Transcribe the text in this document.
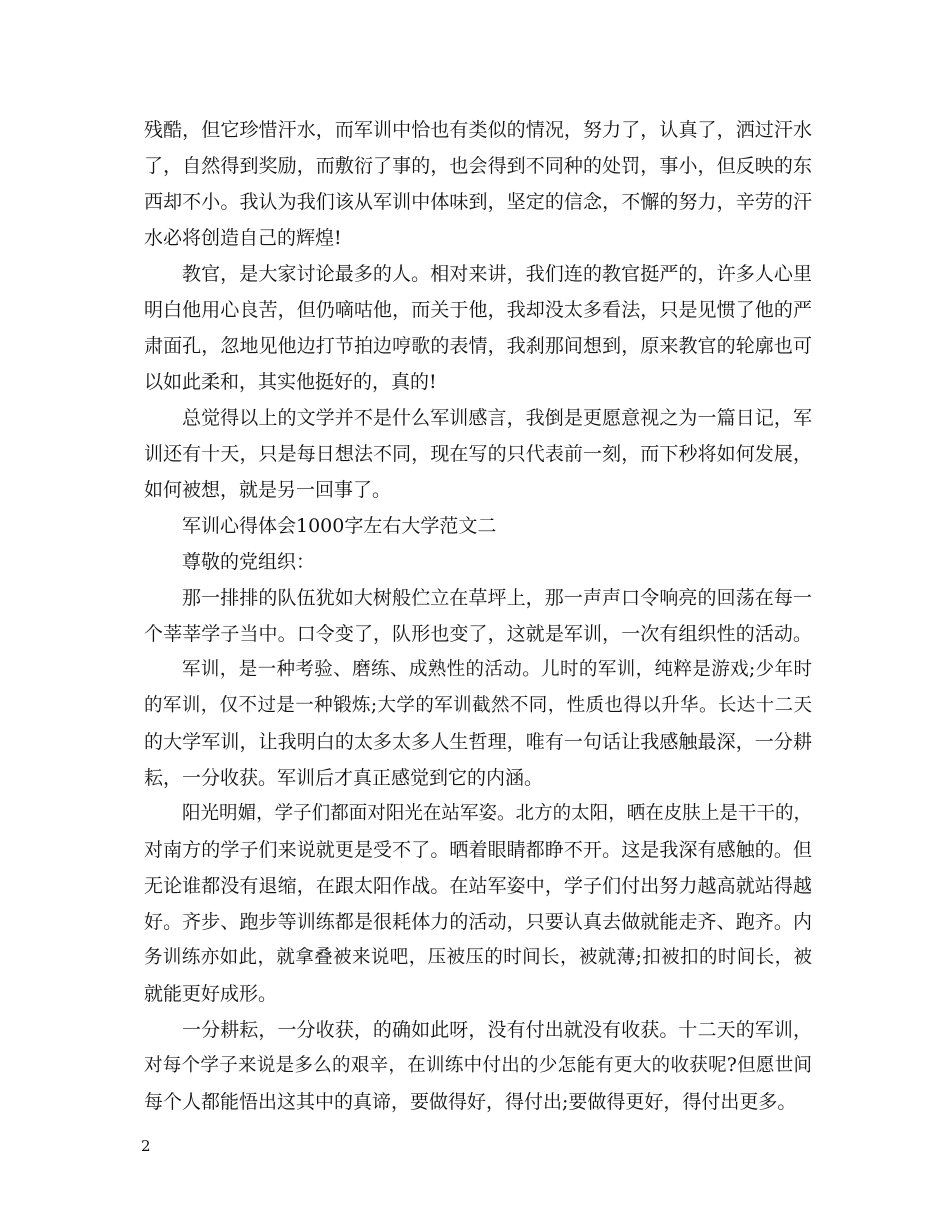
残酷，但它珍惜汗水，而军训中恰也有类似的情况，努力了，认真了，洒过汗水
了，自然得到奖励，而敷衍了事的，也会得到不同种的处罚，事小，但反映的东
西却不小。我认为我们该从军训中体味到，坚定的信念，不懈的努力，辛劳的汗
水必将创造自己的辉煌!
教官，是大家讨论最多的人。相对来讲，我们连的教官挺严的，许多人心里
明白他用心良苦，但仍嘀咕他，而关于他，我却没太多看法，只是见惯了他的严
肃面孔，忽地见他边打节拍边哼歌的表情，我刹那间想到，原来教官的轮廓也可
以如此柔和，其实他挺好的，真的!
总觉得以上的文学并不是什么军训感言，我倒是更愿意视之为一篇日记，军
训还有十天，只是每日想法不同，现在写的只代表前一刻，而下秒将如何发展，
如何被想，就是另一回事了。
军训心得体会1000字左右大学范文二
尊敬的党组织：
那一排排的队伍犹如大树般伫立在草坪上，那一声声口令响亮的回荡在每一
个莘莘学子当中。口令变了，队形也变了，这就是军训，一次有组织性的活动。
军训，是一种考验、磨练、成熟性的活动。儿时的军训，纯粹是游戏;少年时
的军训，仅不过是一种锻炼;大学的军训截然不同，性质也得以升华。长达十二天
的大学军训，让我明白的太多太多人生哲理，唯有一句话让我感触最深，一分耕
耘，一分收获。军训后才真正感觉到它的内涵。
阳光明媚，学子们都面对阳光在站军姿。北方的太阳，晒在皮肤上是干干的，
对南方的学子们来说就更是受不了。晒着眼睛都睁不开。这是我深有感触的。但
无论谁都没有退缩，在跟太阳作战。在站军姿中，学子们付出努力越高就站得越
好。齐步、跑步等训练都是很耗体力的活动，只要认真去做就能走齐、跑齐。内
务训练亦如此，就拿叠被来说吧，压被压的时间长，被就薄;扣被扣的时间长，被
就能更好成形。
一分耕耘，一分收获，的确如此呀，没有付出就没有收获。十二天的军训，
对每个学子来说是多么的艰辛，在训练中付出的少怎能有更大的收获呢?但愿世间
每个人都能悟出这其中的真谛，要做得好，得付出;要做得更好，得付出更多。
2
